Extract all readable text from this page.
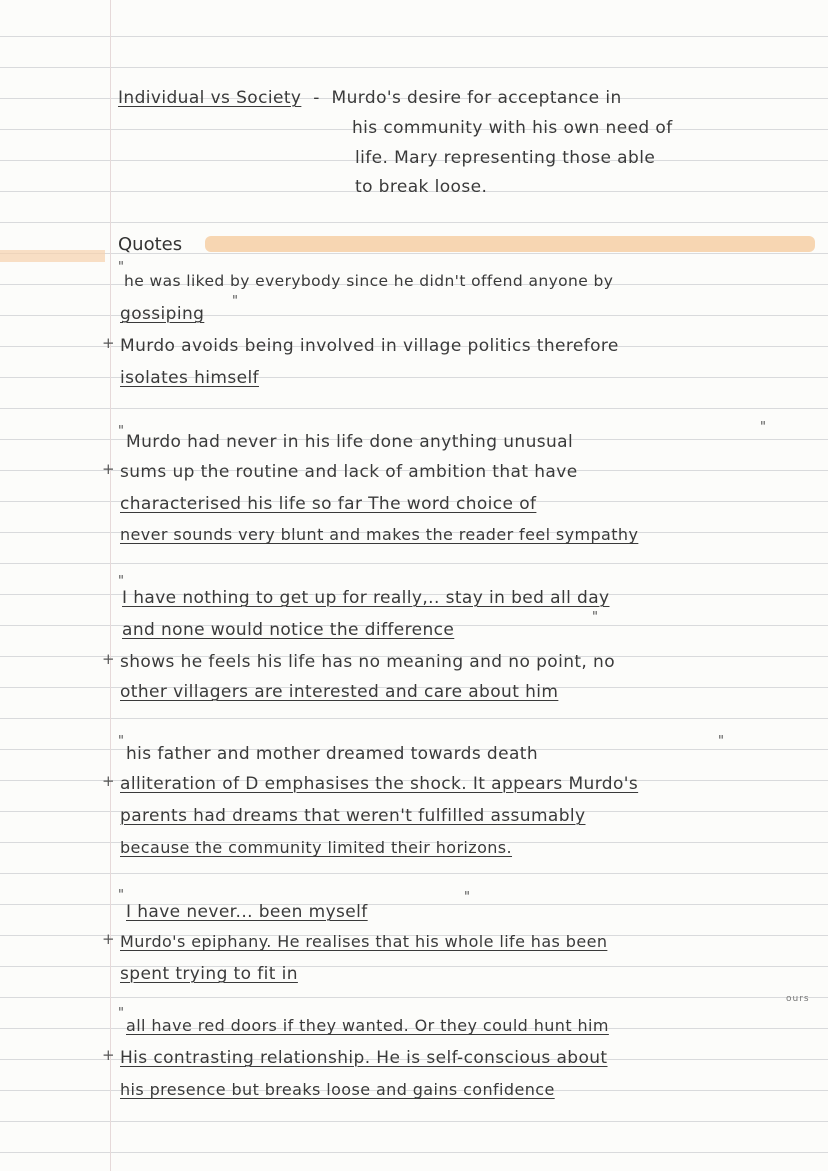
Individual vs Society - Murdo's desire for acceptance in
his community with his own need of
life. Mary representing those able
to break loose.
Quotes
"
he was liked by everybody since he didn't offend anyone by
gossiping
"
+ Murdo avoids being involved in village politics therefore
isolates himself
"
Murdo had never in his life done anything unusual
"
+ sums up the routine and lack of ambition that have
characterised his life so far The word choice of
never sounds very blunt and makes the reader feel sympathy
"
I have nothing to get up for really,.. stay in bed all day
and none would notice the difference
"
+ shows he feels his life has no meaning and no point, no
other villagers are interested and care about him
"
his father and mother dreamed towards death
"
+ alliteration of D emphasises the shock. It appears Murdo's
parents had dreams that weren't fulfilled assumably
because the community limited their horizons.
"
I have never... been myself
"
+ Murdo's epiphany. He realises that his whole life has been
spent trying to fit in
ours
"
all have red doors if they wanted. Or they could hunt him
+ His contrasting relationship. He is self-conscious about
his presence but breaks loose and gains confidence
